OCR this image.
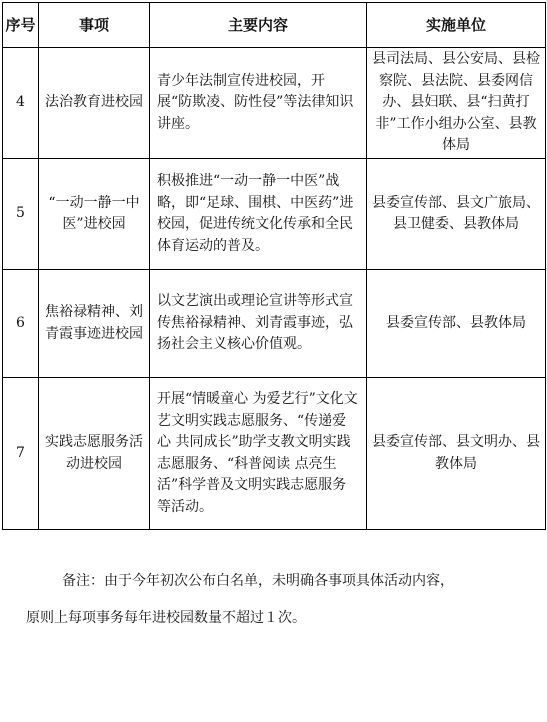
序号	事项	主要内容	实施单位
4	法治教育进校园	青少年法制宣传进校园，开展“防欺凌、防性侵”等法律知识讲座。	县司法局、县公安局、县检察院、县法院、县委网信办、县妇联、县“扫黄打非”工作小组办公室、县教体局
5	“一动一静一中医”进校园	积极推进“一动一静一中医”战略，即“足球、围棋、中医药”进校园，促进传统文化传承和全民体育运动的普及。	县委宣传部、县文广旅局、县卫健委、县教体局
6	焦裕禄精神、刘青霞事迹进校园	以文艺演出或理论宣讲等形式宣传焦裕禄精神、刘青霞事迹，弘扬社会主义核心价值观。	县委宣传部、县教体局
7	实践志愿服务活动进校园	开展“情暖童心 为爱艺行”文化文艺文明实践志愿服务、“传递爱心 共同成长”助学支教文明实践志愿服务、“科普阅读 点亮生活”科学普及文明实践志愿服务等活动。	县委宣传部、县文明办、县教体局

备注：由于今年初次公布白名单，未明确各事项具体活动内容，

原则上每项事务每年进校园数量不超过１次。
